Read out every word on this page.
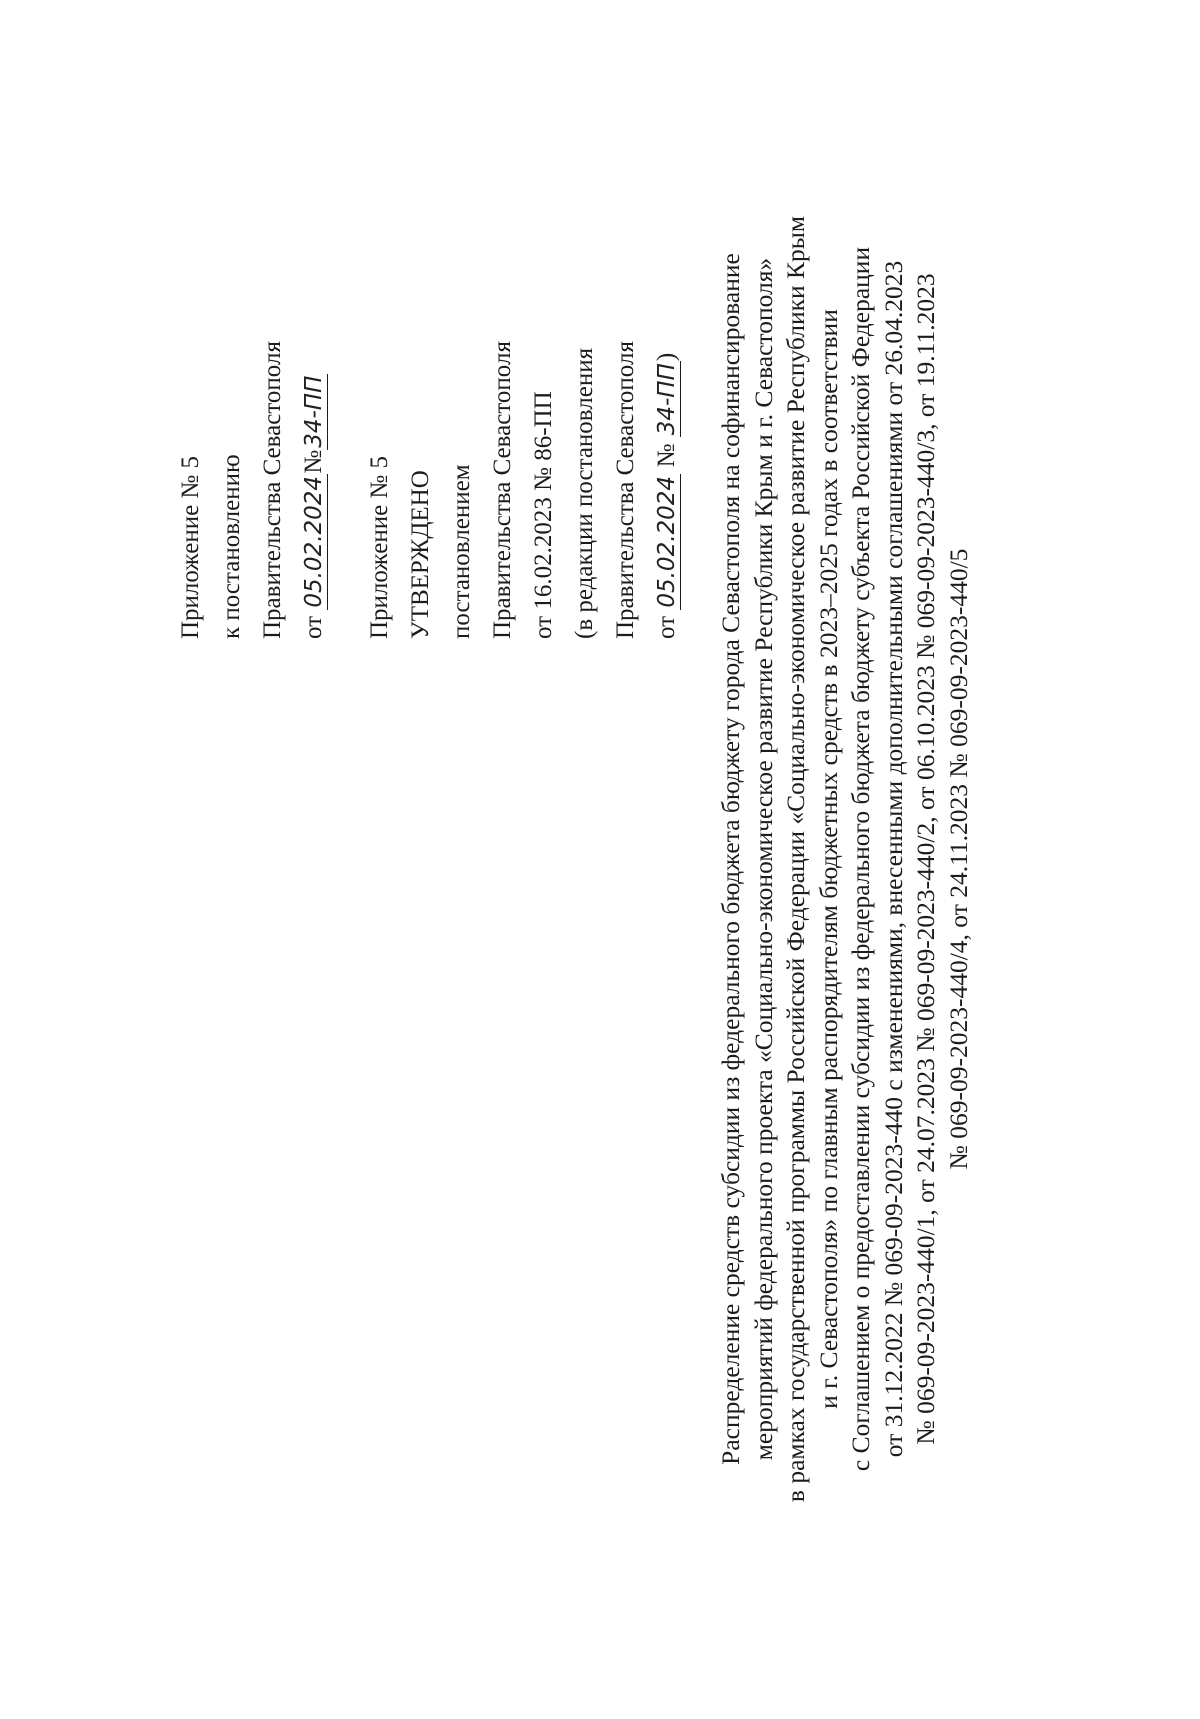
Приложение № 5 к постановлению Правительства Севастополя от 05.02.2024№34-ПП
Приложение № 5 УТВЕРЖДЕНО постановлением Правительства Севастополя от 16.02.2023 № 86-ПП (в редакции постановления Правительства Севастополя от 05.02.2024 № 34-ПП) Распределение средств субсидии из федерального бюджета бюджету города Севастополя на софинансирование мероприятий федерального проекта «Социально-экономическое развитие Республики Крым и г. Севастополя» в рамках государственной программы Российской Федерации «Социально-экономическое развитие Республики Крым и г. Севастополя» по главным распорядителям бюджетных средств в 2023–2025 годах в соответствии с Соглашением о предоставлении субсидии из федерального бюджета бюджету субъекта Российской Федерации от 31.12.2022 № 069-09-2023-440 с изменениями, внесенными дополнительными соглашениями от 26.04.2023 № 069-09-2023-440/1, от 24.07.2023 № 069-09-2023-440/2, от 06.10.2023 № 069-09-2023-440/3, от 19.11.2023 № 069-09-2023-440/4, от 24.11.2023 № 069-09-2023-440/5
